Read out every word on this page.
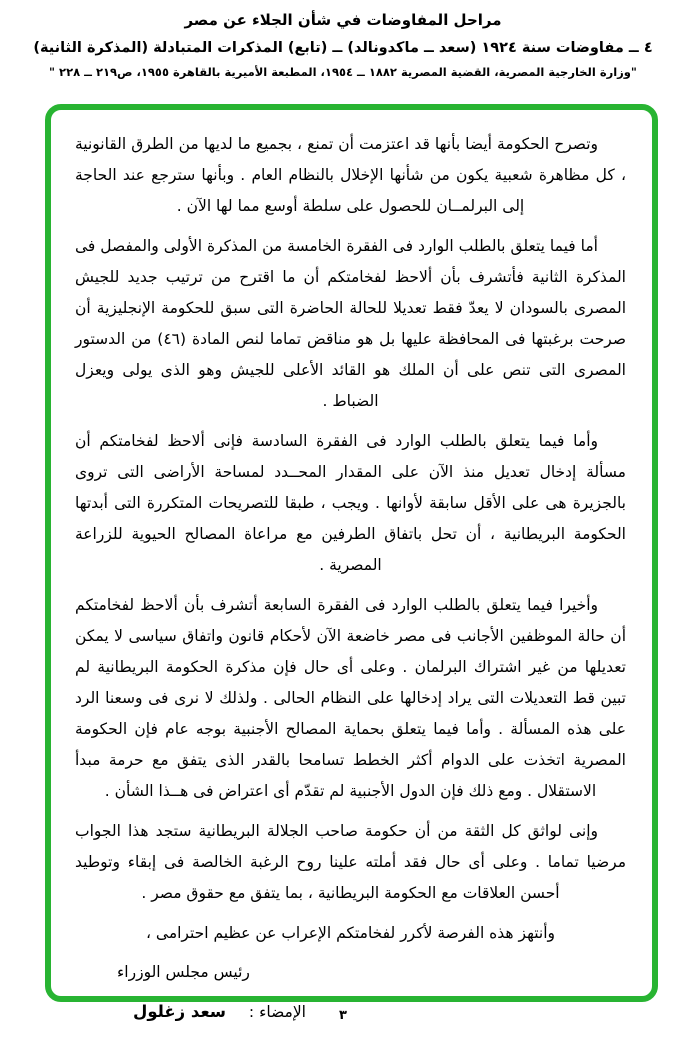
مراحل المفاوضات في شأن الجلاء عن مصر
٤ ــ مفاوضات سنة ١٩٢٤ (سعد ــ ماكدونالد) ــ (تابع) المذكرات المتبادلة (المذكرة الثانية)
"وزارة الخارجية المصرية، القضية المصرية ١٨٨٢ ــ ١٩٥٤، المطبعة الأميرية بالقاهرة ١٩٥٥، ص٢١٩ ــ ٢٢٨ "

وتصرح الحكومة أيضا بأنها قد اعتزمت أن تمنع ، بجميع ما لديها من الطرق القانونية ، كل مظاهرة شعبية يكون من شأنها الإخلال بالنظام العام . وبأنها سترجع عند الحاجة إلى البرلمــان للحصول على سلطة أوسع مما لها الآن .

أما فيما يتعلق بالطلب الوارد فى الفقرة الخامسة من المذكرة الأولى والمفصل فى المذكرة الثانية فأتشرف بأن ألاحظ لفخامتكم أن ما اقترح من ترتيب جديد للجيش المصرى بالسودان لا يعدّ فقط تعديلا للحالة الحاضرة التى سبق للحكومة الإنجليزية أن صرحت برغبتها فى المحافظة عليها بل هو مناقض تماما لنص المادة (٤٦) من الدستور المصرى التى تنص على أن الملك هو القائد الأعلى للجيش وهو الذى يولى ويعزل الضباط .

وأما فيما يتعلق بالطلب الوارد فى الفقرة السادسة فإنى ألاحظ لفخامتكم أن مسألة إدخال تعديل منذ الآن على المقدار المحــدد لمساحة الأراضى التى تروى بالجزيرة هى على الأقل سابقة لأوانها . ويجب ، طبقا للتصريحات المتكررة التى أبدتها الحكومة البريطانية ، أن تحل باتفاق الطرفين مع مراعاة المصالح الحيوية للزراعة المصرية .

وأخيرا فيما يتعلق بالطلب الوارد فى الفقرة السابعة أتشرف بأن ألاحظ لفخامتكم أن حالة الموظفين الأجانب فى مصر خاضعة الآن لأحكام قانون واتفاق سياسى لا يمكن تعديلها من غير اشتراك البرلمان . وعلى أى حال فإن مذكرة الحكومة البريطانية لم تبين قط التعديلات التى يراد إدخالها على النظام الحالى . ولذلك لا نرى فى وسعنا الرد على هذه المسألة . وأما فيما يتعلق بحماية المصالح الأجنبية بوجه عام فإن الحكومة المصرية اتخذت على الدوام أكثر الخطط تسامحا بالقدر الذى يتفق مع حرمة مبدأ الاستقلال . ومع ذلك فإن الدول الأجنبية لم تقدّم أى اعتراض فى هــذا الشأن .

وإنى لواثق كل الثقة من أن حكومة صاحب الجلالة البريطانية ستجد هذا الجواب مرضيا تماما . وعلى أى حال فقد أملته علينا روح الرغبة الخالصة فى إبقاء وتوطيد أحسن العلاقات مع الحكومة البريطانية ، بما يتفق مع حقوق مصر .

وأنتهز هذه الفرصة لأكرر لفخامتكم الإعراب عن عظيم احترامى ،
رئيس مجلس الوزراء
الإمضاء : سعد زغلول	٣
